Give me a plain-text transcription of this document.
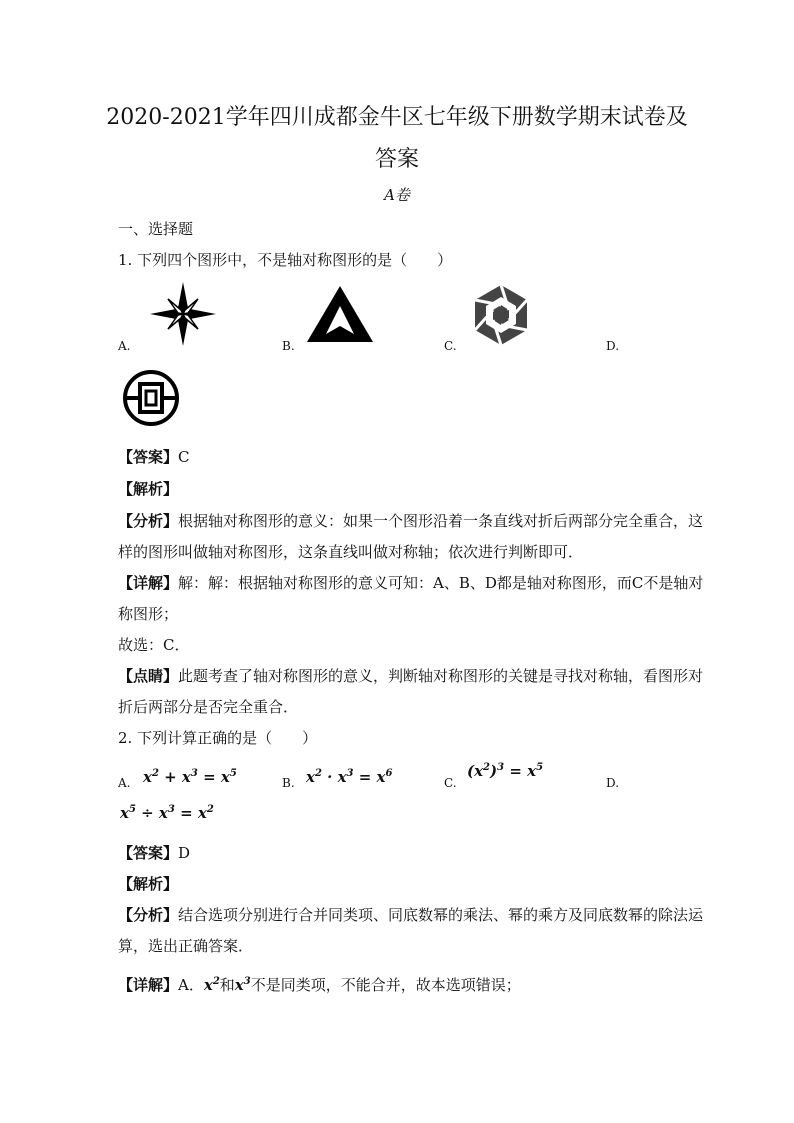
2020-2021学年四川成都金牛区七年级下册数学期末试卷及
答案
A卷
一、选择题
1. 下列四个图形中，不是轴对称图形的是（　　）
A.	B.	C.	D.
【答案】C
【解析】
【分析】根据轴对称图形的意义：如果一个图形沿着一条直线对折后两部分完全重合，这
样的图形叫做轴对称图形，这条直线叫做对称轴；依次进行判断即可．
【详解】解：解：根据轴对称图形的意义可知：A、B、D都是轴对称图形，而C不是轴对
称图形；
故选：C．
【点睛】此题考查了轴对称图形的意义，判断轴对称图形的关键是寻找对称轴，看图形对
折后两部分是否完全重合．
2. 下列计算正确的是（　　）
A. $x^2 + x^3 = x^5$
B. $x^2 \cdot x^3 = x^6$
C.
$(x^2)^3 = x^5$
D.
$x^5 \div x^3 = x^2$
【答案】D
【解析】
【分析】结合选项分别进行合并同类项、同底数幂的乘法、幂的乘方及同底数幂的除法运
算，选出正确答案．
【详解】A．$x^2$和$x^3$不是同类项，不能合并，故本选项错误；
